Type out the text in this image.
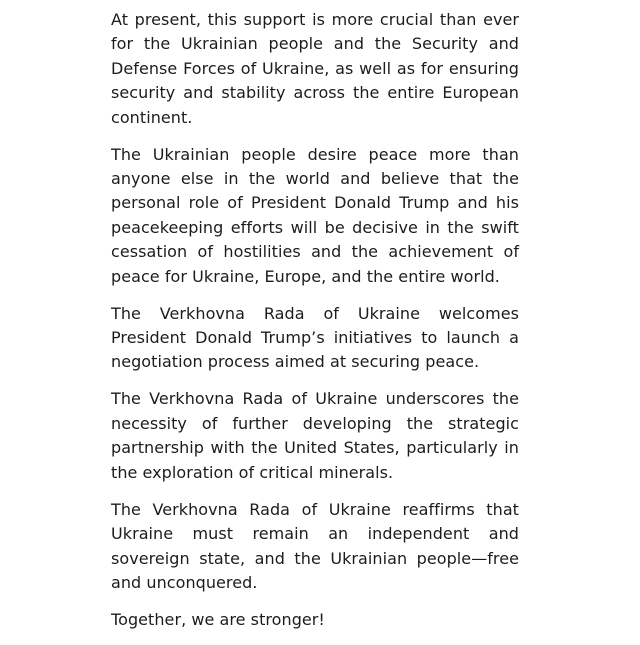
At present, this support is more crucial than ever for the Ukrainian people and the Security and Defense Forces of Ukraine, as well as for ensuring security and stability across the entire European continent.

The Ukrainian people desire peace more than anyone else in the world and believe that the personal role of President Donald Trump and his peacekeeping efforts will be decisive in the swift cessation of hostilities and the achievement of peace for Ukraine, Europe, and the entire world.

The Verkhovna Rada of Ukraine welcomes President Donald Trump’s initiatives to launch a negotiation process aimed at securing peace.

The Verkhovna Rada of Ukraine underscores the necessity of further developing the strategic partnership with the United States, particularly in the exploration of critical minerals.

The Verkhovna Rada of Ukraine reaffirms that Ukraine must remain an independent and sovereign state, and the Ukrainian people—free and unconquered.

Together, we are stronger!
